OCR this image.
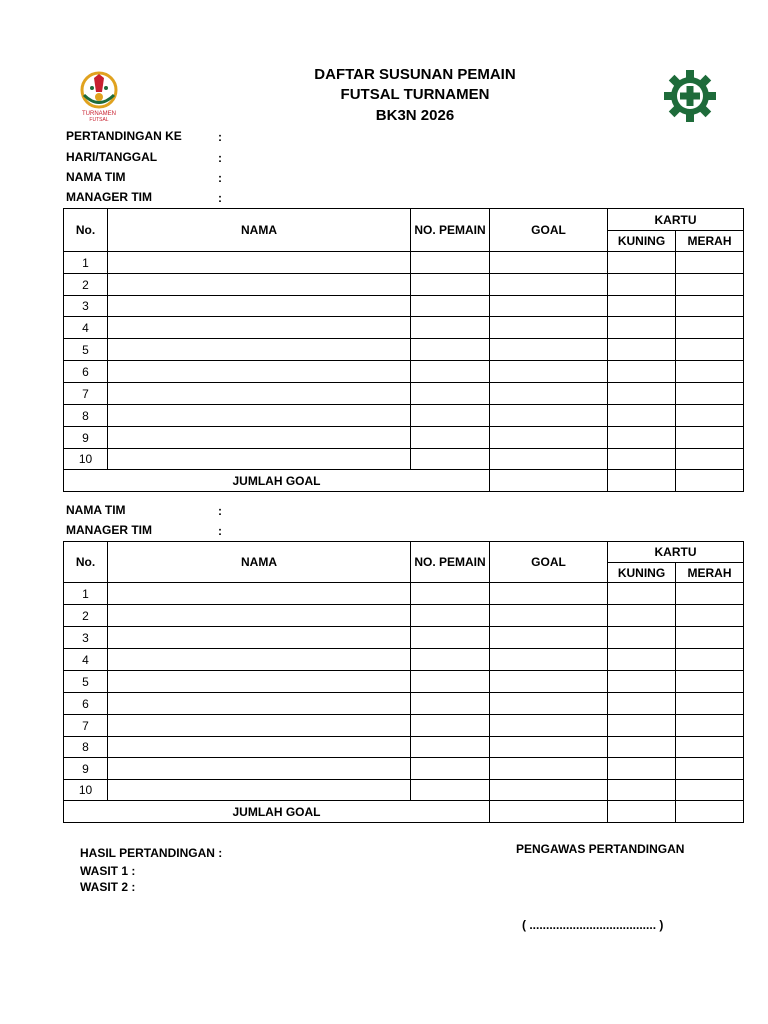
TURNAMEN
FUTSAL
DAFTAR SUSUNAN PEMAIN
FUTSAL TURNAMEN
BK3N 2026
PERTANDINGAN KE	:
HARI/TANGGAL	:
NAMA TIM	:
MANAGER TIM	:
No.	NAMA	NO. PEMAIN	GOAL	KARTU	
				KUNING	MERAH
1					
2					
3					
4					
5					
6					
7					
8					
9					
10					
JUMLAH GOAL					
NAMA TIM	:
MANAGER TIM	:
No.	NAMA	NO. PEMAIN	GOAL	KARTU	
				KUNING	MERAH
1					
2					
3					
4					
5					
6					
7					
8					
9					
10					
JUMLAH GOAL					
HASIL PERTANDINGAN :
WASIT 1 :
WASIT 2 :
PENGAWAS PERTANDINGAN
( ...................................... )
